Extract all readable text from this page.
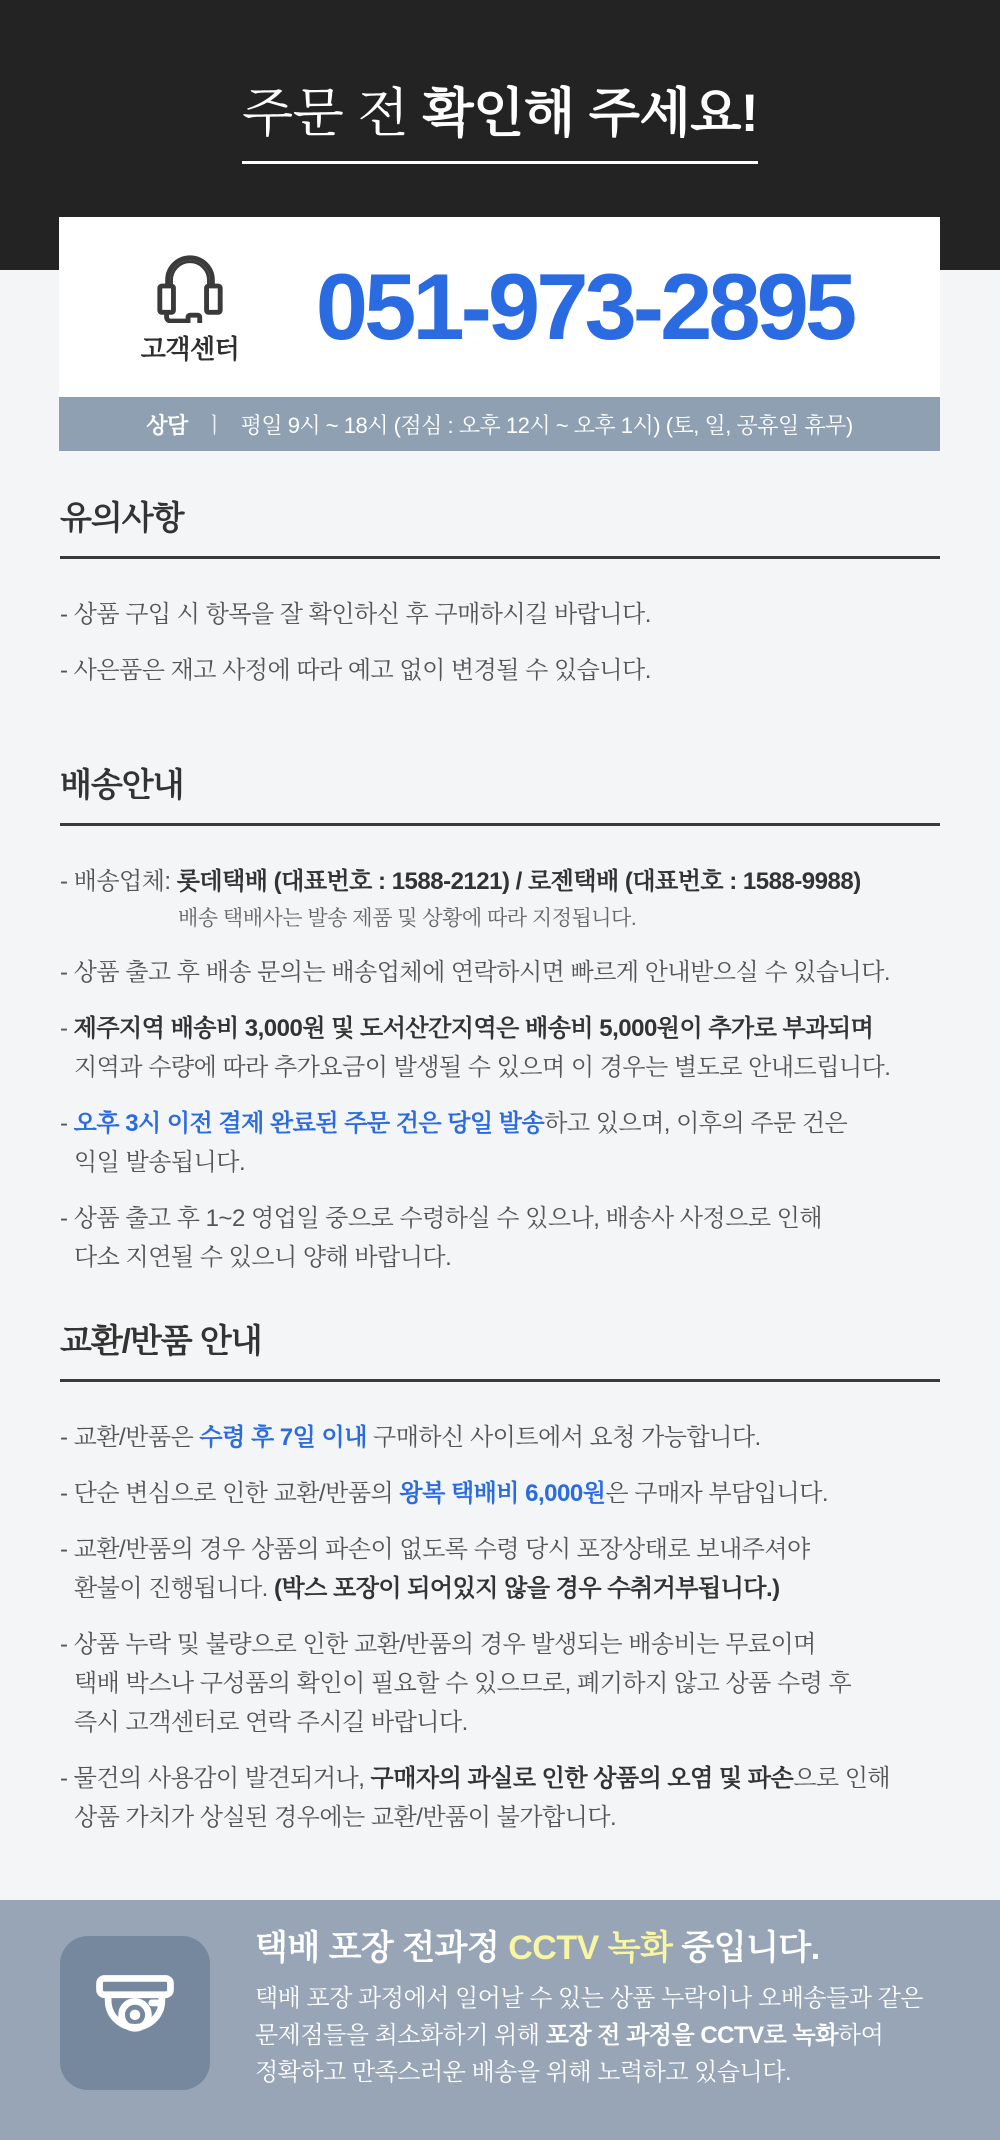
주문 전 확인해 주세요!
고객센터 051-973-2895
상담 ㅣ 평일 9시 ~ 18시 (점심 : 오후 12시 ~ 오후 1시) (토, 일, 공휴일 휴무)
유의사항
- 상품 구입 시 항목을 잘 확인하신 후 구매하시길 바랍니다.
- 사은품은 재고 사정에 따라 예고 없이 변경될 수 있습니다.
배송안내
- 배송업체: 롯데택배 (대표번호 : 1588-2121) / 로젠택배 (대표번호 : 1588-9988)
배송 택배사는 발송 제품 및 상황에 따라 지정됩니다.
- 상품 출고 후 배송 문의는 배송업체에 연락하시면 빠르게 안내받으실 수 있습니다.
- 제주지역 배송비 3,000원 및 도서산간지역은 배송비 5,000원이 추가로 부과되며
지역과 수량에 따라 추가요금이 발생될 수 있으며 이 경우는 별도로 안내드립니다.
- 오후 3시 이전 결제 완료된 주문 건은 당일 발송하고 있으며, 이후의 주문 건은
익일 발송됩니다.
- 상품 출고 후 1~2 영업일 중으로 수령하실 수 있으나, 배송사 사정으로 인해
다소 지연될 수 있으니 양해 바랍니다.
교환/반품 안내
- 교환/반품은 수령 후 7일 이내 구매하신 사이트에서 요청 가능합니다.
- 단순 변심으로 인한 교환/반품의 왕복 택배비 6,000원은 구매자 부담입니다.
- 교환/반품의 경우 상품의 파손이 없도록 수령 당시 포장상태로 보내주셔야
환불이 진행됩니다. (박스 포장이 되어있지 않을 경우 수취거부됩니다.)
- 상품 누락 및 불량으로 인한 교환/반품의 경우 발생되는 배송비는 무료이며
택배 박스나 구성품의 확인이 필요할 수 있으므로, 폐기하지 않고 상품 수령 후
즉시 고객센터로 연락 주시길 바랍니다.
- 물건의 사용감이 발견되거나, 구매자의 과실로 인한 상품의 오염 및 파손으로 인해
상품 가치가 상실된 경우에는 교환/반품이 불가합니다.
택배 포장 전과정 CCTV 녹화 중입니다.
택배 포장 과정에서 일어날 수 있는 상품 누락이나 오배송들과 같은
문제점들을 최소화하기 위해 포장 전 과정을 CCTV로 녹화하여
정확하고 만족스러운 배송을 위해 노력하고 있습니다.
